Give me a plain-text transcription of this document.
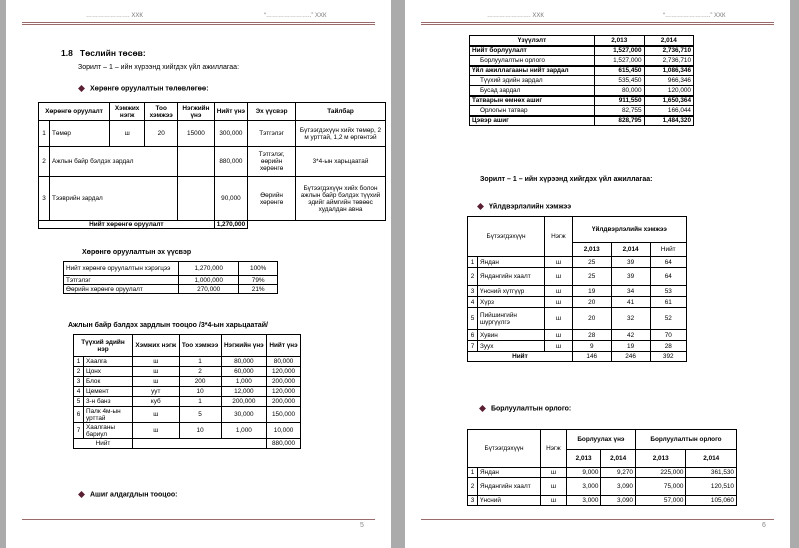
…………………. ХХК	“…………………..” ХХК
1.8 Төслийн төсөв:
Зорилт – 1 – ийн хүрээнд хийгдэх үйл ажиллагаа:
Хөрөнгө оруулалтын төлөвлөгөө:
Хөрөнгө оруулалт		Хэмжих нэгж	Тоо хэмжээ	Нэгжийн үнэ	Нийт үнэ	Эх үүсвэр	Тайлбар
1	Төмөр	ш	20	15000	300,000	Тэтгэлэг	Бүтээгдэхүүн хийх төмөр, 2 м урттай, 1,2 м өргөнтэй
2	Ажлын байр бэлдэх зардал				880,000	Тэтгэлэг, өөрийн хөрөнгө	3*4-ын харьцаатай
3	Тээврийн зардал				90,000	Өөрийн хөрөнгө	Бүтээгдэхүүн хийх болон ажлын байр бэлдэх түүхий эдийг аймгийн төвөөс худалдан авна
Нийт хөрөнгө оруулалт					1,270,000		
Хөрөнгө оруулалтын эх үүсвэр
Нийт хөрөнгө оруулалтын хэрэгцээ	1,270,000	100%
Тэтгэлэг	1,000,000	79%
Өөрийн хөрөнгө оруулалт	270,000	21%
Ажлын байр бэлдэх зардлын тооцоо /3*4-ын харьцаатай/
Түүхий эдийн нэр		Хэмжих нэгж	Тоо хэмжээ	Нэгжийн үнэ	Нийт үнэ
1	Хаалга	ш	1	80,000	80,000
2	Цонх	ш	2	60,000	120,000
3	Блок	ш	200	1,000	200,000
4	Цемент	уут	10	12,000	120,000
5	3-н банз	куб	1	200,000	200,000
6	Палк 4м-ын урттай	ш	5	30,000	150,000
7	Хаалганы бариул	ш	10	1,000	10,000
Нийт					880,000
Ашиг алдагдлын тооцоо:
5
…………………. ХХК	“…………………..” ХХК
Үзүүлэлт	2,013	2,014
Нийт борлуулалт	1,527,000	2,736,710
Борлуулалтын орлого	1,527,000	2,736,710
Үйл ажиллагааны нийт зардал	615,450	1,086,346
Түүхий эдийн зардал	535,450	966,346
Бусад зардал	80,000	120,000
Татварын өмнөх ашиг	911,550	1,650,364
Орлогын татвар	82,755	166,044
Цэвэр ашиг	828,795	1,484,320
Зорилт – 1 – ийн хүрээнд хийгдэх үйл ажиллагаа:
Үйлдвэрлэлийн хэмжээ
Бүтээгдэхүүн		Нэгж	Үйлдвэрлэлийн хэмжээ		
			2,013	2,014	Нийт
1	Яндан	ш	25	39	64
2	Яндангийн хаалт	ш	25	39	64
3	Үнсний хүтгүүр	ш	19	34	53
4	Хүрз	ш	20	41	61
5	Пийшингийн шүргүүлгэ	ш	20	32	52
6	Хувин	ш	28	42	70
7	Зуух	ш	9	19	28
Нийт			146	246	392
Борлуулалтын орлого:
Бүтээгдэхүүн		Нэгж	Борлуулах үнэ		Борлуулалтын орлого	
			2,013	2,014	2,013	2,014
1	Яндан	ш	9,000	9,270	225,000	361,530
2	Яндангийн хаалт	ш	3,000	3,090	75,000	120,510
3	Үнсний	ш	3,000	3,090	57,000	105,060
6
